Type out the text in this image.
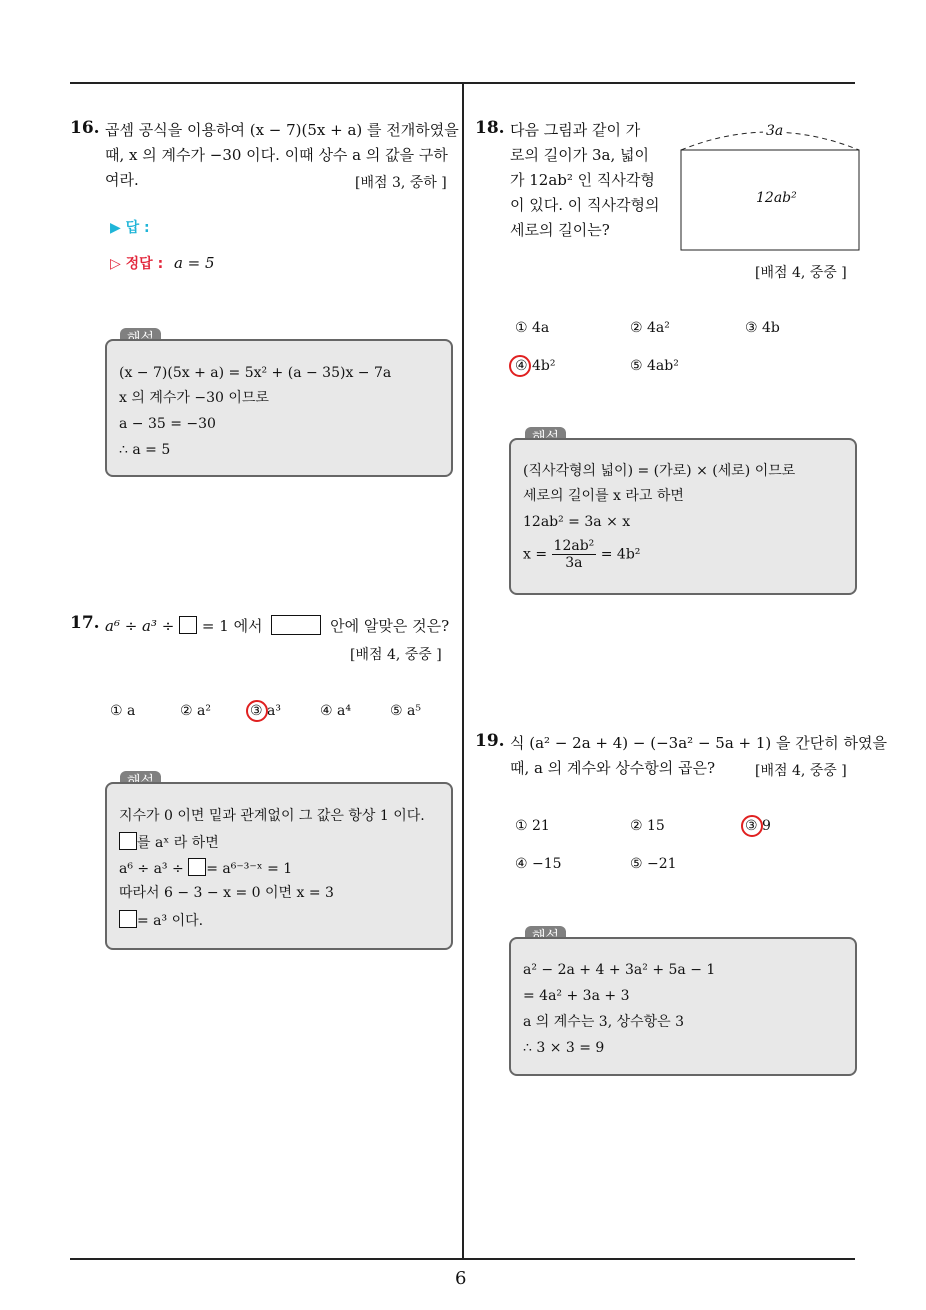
6
16. 곱셈 공식을 이용하여 (x − 7)(5x + a) 를 전개하였을
때, x 의 계수가 −30 이다. 이때 상수 a 의 값을 구하
여라.	[배점 3, 중하 ]
▶ 답 :
▷ 정답 : a = 5
(x − 7)(5x + a) = 5x² + (a − 35)x − 7a
x 의 계수가 −30 이므로
a − 35 = −30
∴ a = 5
17. a⁶ ÷ a³ ÷ = 1 에서	안에 알맞은 것은?
[배점 4, 중중 ]
① a	② a²	③ a³	④ a⁴	⑤ a⁵
지수가 0 이면 밑과 관계없이 그 값은 항상 1 이다.
를 aˣ 라 하면
a⁶ ÷ a³ ÷ = a⁶⁻³⁻ˣ = 1
따라서 6 − 3 − x = 0 이면 x = 3
= a³ 이다.
18. 다음 그림과 같이 가
로의 길이가 3a, 넓이
가 12ab² 인 직사각형
이 있다. 이 직사각형의
세로의 길이는?
3a
12ab²
[배점 4, 중중 ]
① 4a	② 4a²	③ 4b
④ 4b²	⑤ 4ab²
(직사각형의 넓이) = (가로) × (세로) 이므로
세로의 길이를 x 라고 하면
12ab² = 3a × x
$x = \frac{\text{12ab²}}{3a} = 4b^2$
19. 식 (a² − 2a + 4) − (−3a² − 5a + 1) 을 간단히 하였을
때, a 의 계수와 상수항의 곱은?	[배점 4, 중중 ]
① 21	② 15	③ 9
④ −15	⑤ −21
a² − 2a + 4 + 3a² + 5a − 1
= 4a² + 3a + 3
a 의 계수는 3, 상수항은 3
∴ 3 × 3 = 9
